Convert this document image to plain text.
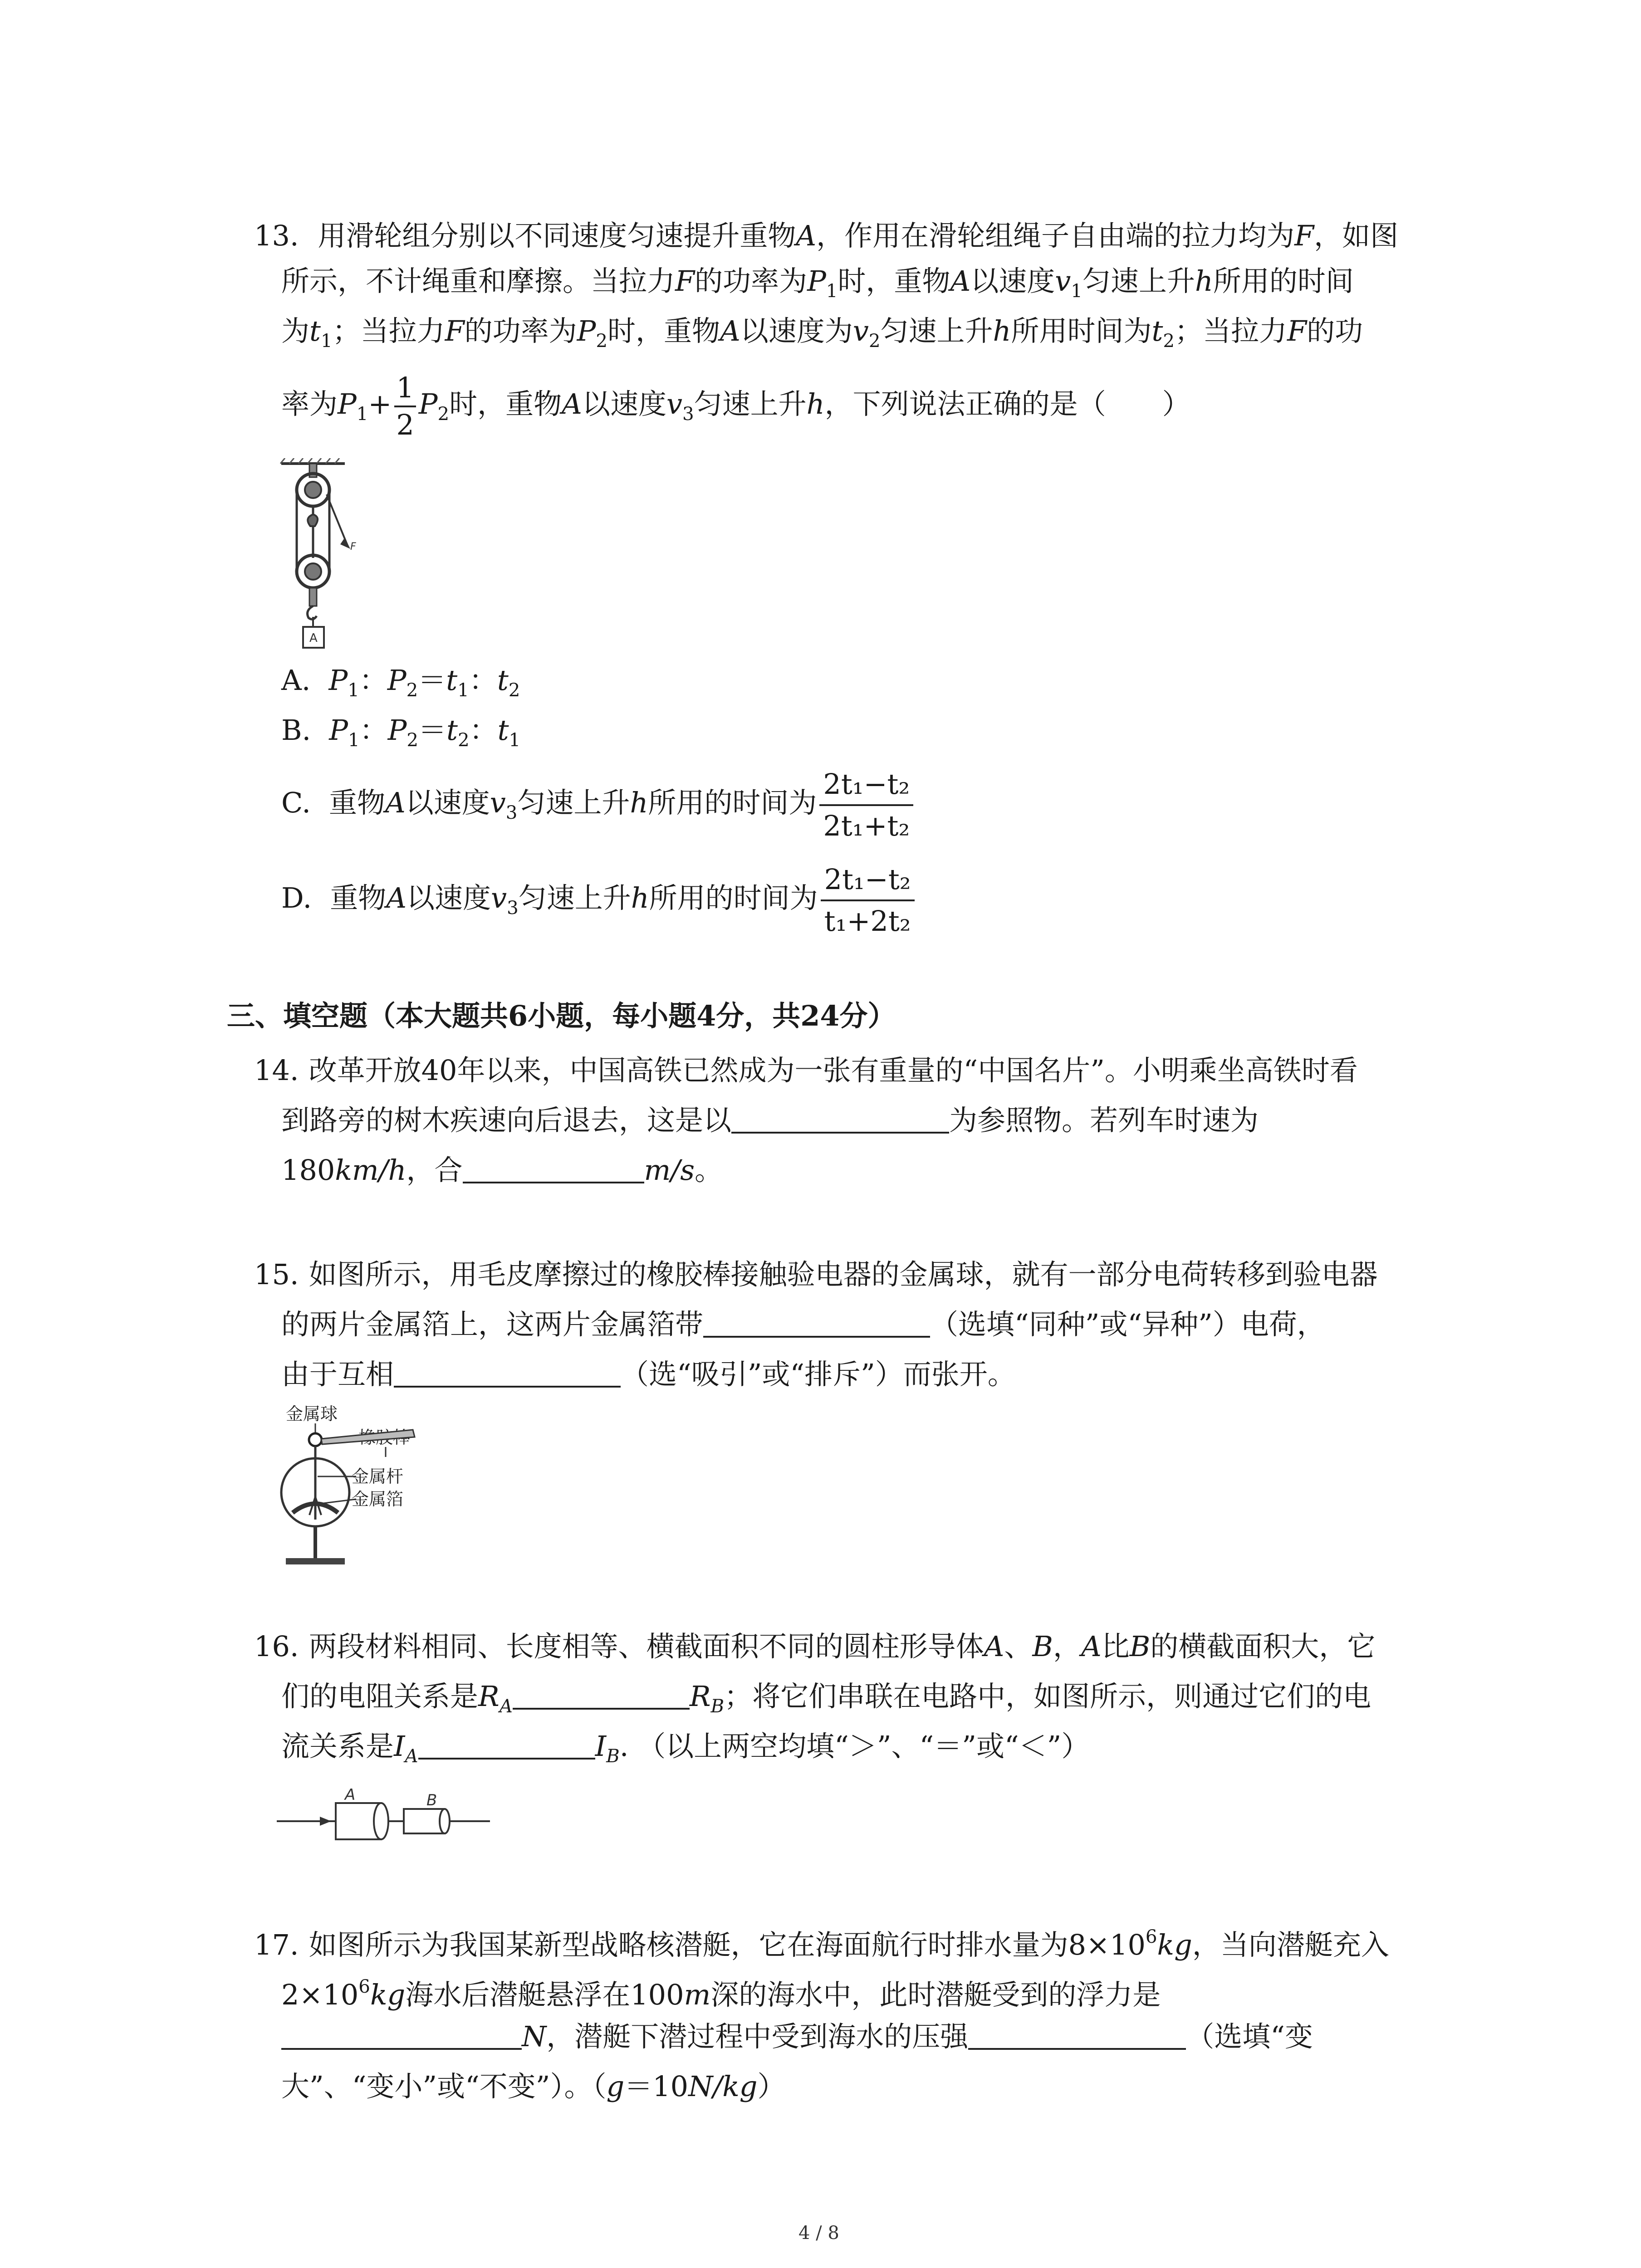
13. 用滑轮组分别以不同速度匀速提升重物A，作用在滑轮组绳子自由端的拉力均为F，如图
所示，不计绳重和摩擦。当拉力F的功率为$P_1$时，重物A以速度$v_1$匀速上升h所用的时间
为$t_1$；当拉力F的功率为$P_2$时，重物A以速度为$v_2$匀速上升h所用时间为$t_2$；当拉力F的功
率为$P_1+ \frac{1}{2} P_2$时，重物A以速度$v_3$匀速上升h，下列说法正确的是（　　）
F
A
A. $P_1$：$P_2=t_1$：$t_2$
B. $P_1$：$P_2=t_2$：$t_1$
C. 重物A以速度$v_3$匀速上升h所用的时间为 $\frac{\text{2t₁−t₂}}{\text{2t₁+t₂}}$
D. 重物A以速度$v_3$匀速上升h所用的时间为 $\frac{\text{2t₁−t₂}}{\text{t₁+2t₂}}$
三、填空题（本大题共6小题，每小题4分，共24分）
14. 改革开放40年以来，中国高铁已然成为一张有重量的“中国名片”。小明乘坐高铁时看
到路旁的树木疾速向后退去，这是以	为参照物。若列车时速为
180km/h，合	m/s。
15. 如图所示，用毛皮摩擦过的橡胶棒接触验电器的金属球，就有一部分电荷转移到验电器
的两片金属箔上，这两片金属箔带	（选填“同种”或“异种”）电荷，
由于互相	（选“吸引”或“排斥”）而张开。
金属球
金属杆
金属箔
16. 两段材料相同、长度相等、横截面积不同的圆柱形导体A、B，A比B的横截面积大，它
们的电阻关系是$R_A$	$R_B$；将它们串联在电路中，如图所示，则通过它们的电
流关系是$I_A$	$I_B$. （以上两空均填“＞”、“＝”或“＜”）
A	B
17. 如图所示为我国某新型战略核潜艇，它在海面航行时排水量为$8\times 10^6kg$，当向潜艇充入
$2\times 10^6kg$海水后潜艇悬浮在100m深的海水中，此时潜艇受到的浮力是
N，潜艇下潜过程中受到海水的压强	（选填“变
大”、“变小”或“不变”）。（g＝10N/kg）
4 / 8
